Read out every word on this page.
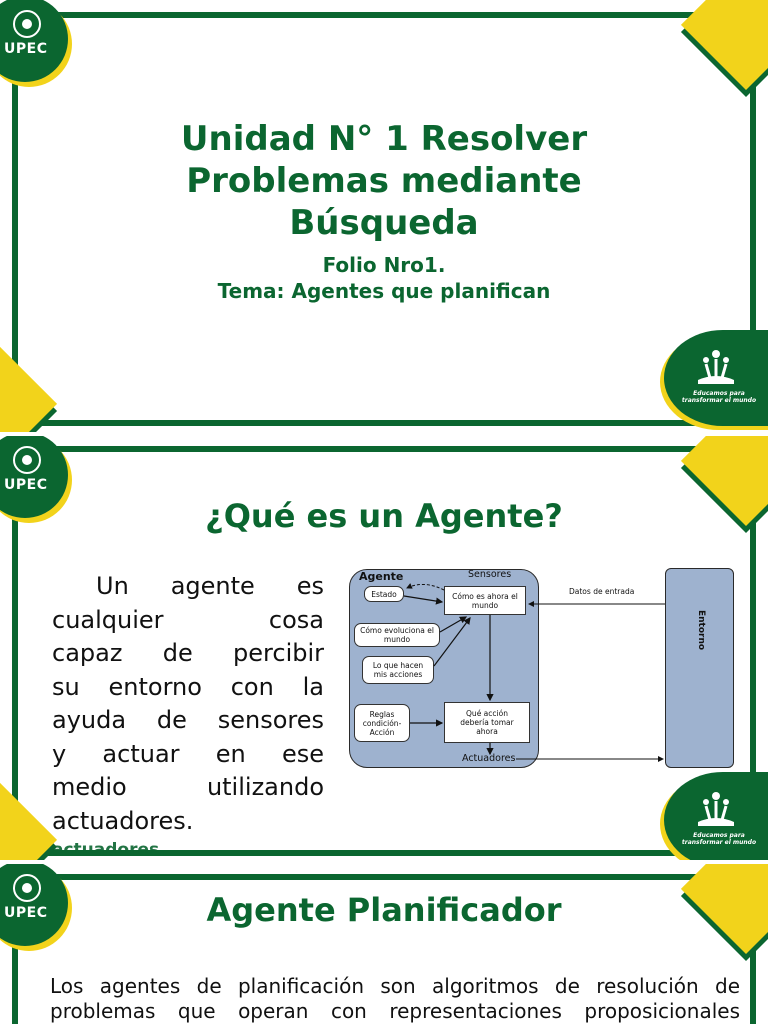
UPEC
Educamos para
transformar el mundo
Unidad N° 1 Resolver
Problemas mediante
Búsqueda
Folio Nro1.
Tema: Agentes que planifican
UPEC
Educamos para
transformar el mundo
¿Qué es un Agente?
Un agente es
cualquier cosa
capaz de percibir
su entorno con la
ayuda de sensores
y actuar en ese
medio utilizando
actuadores.
actuadores.
Agente	Sensores
Actuadores
Datos de entrada
Entorno
Estado	Cómo es ahora el
mundo
Cómo evoluciona el
mundo
Lo que hacen
mis acciones
Reglas
condición-
Acción
Qué acción
debería tomar
ahora
UPEC	Agente Planificador
Los agentes de planificación son algoritmos de resolución de
problemas que operan con representaciones proposicionales
